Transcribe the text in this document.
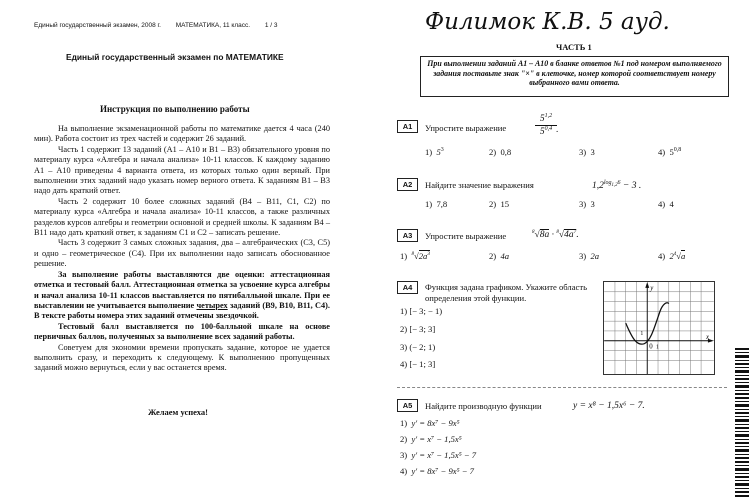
Единый государственный экзамен, 2008 г. МАТЕМАТИКА, 11 класс. 1 / 3
Единый государственный экзамен по МАТЕМАТИКЕ
Инструкция по выполнению работы

На выполнение экзаменационной работы по математике дается 4 часа (240 мин). Работа состоит из трех частей и содержит 26 заданий.

Часть 1 содержит 13 заданий (А1 – А10 и В1 – В3) обязательного уровня по материалу курса «Алгебра и начала анализа» 10-11 классов. К каждому заданию А1 – А10 приведены 4 варианта ответа, из которых только один верный. При выполнении этих заданий надо указать номер верного ответа. К заданиям В1 – В3 надо дать краткий ответ.

Часть 2 содержит 10 более сложных заданий (В4 – В11, С1, С2) по материалу курса «Алгебра и начала анализа» 10-11 классов, а также различных разделов курсов алгебры и геометрии основной и средней школы. К заданиям В4 – В11 надо дать краткий ответ, к заданиям С1 и С2 – записать решение.

Часть 3 содержит 3 самых сложных задания, два – алгебраических (С3, С5) и одно – геометрическое (С4). При их выполнении надо записать обоснованное решение.

За выполнение работы выставляются две оценки: аттестационная отметка и тестовый балл. Аттестационная отметка за усвоение курса алгебры и начал анализа 10-11 классов выставляется по пятибалльной шкале. При ее выставлении не учитывается выполнение четырех заданий (В9, В10, В11, С4). В тексте работы номера этих заданий отмечены звездочкой.

Тестовый балл выставляется по 100-балльной шкале на основе первичных баллов, полученных за выполнение всех заданий работы.

Советуем для экономии времени пропускать задание, которое не удается выполнить сразу, и переходить к следующему. К выполнению пропущенных заданий можно вернуться, если у вас останется время.

Желаем успеха!
Филимок К.В. 5 ауд.
ЧАСТЬ 1
При выполнении заданий А1 – А10 в бланке ответов №1 под номером выполняемого задания поставьте знак "×" в клеточке, номер которой соответствует номеру выбранного вами ответа.
A1	Упростите выражение
5$^{1,2}$
5$^{0,4}$ .
1) $5^3$	2) 0,8	3) 3	4) 5$^{0,8}$
A2	Найдите значение выражения	$1,2^{log_{1,2}6} - 3$ .
1) 7,8	2) 15	3) 3	4) 4
A3	Упростите выражение	$^8√8a \cdot ^8√4a^7$.
1) $^8√2a^3$	2) 4a	3) 2a	4) $2^4√a$
A4	Функция задана графиком. Укажите область определения этой функции.
1) [− 3; − 1)
2) [− 3; 3]
3) (− 2; 1)
4) [− 1; 3]
y
x
0
1
1
A5	Найдите производную функции	y = x⁸ − 1,5x⁶ − 7.
1) y′ = 8x⁷ − 9x⁵
2) y′ = x⁷ − 1,5x⁵
3) y′ = x⁷ − 1,5x⁵ − 7
4) y′ = 8x⁷ − 9x⁵ − 7
